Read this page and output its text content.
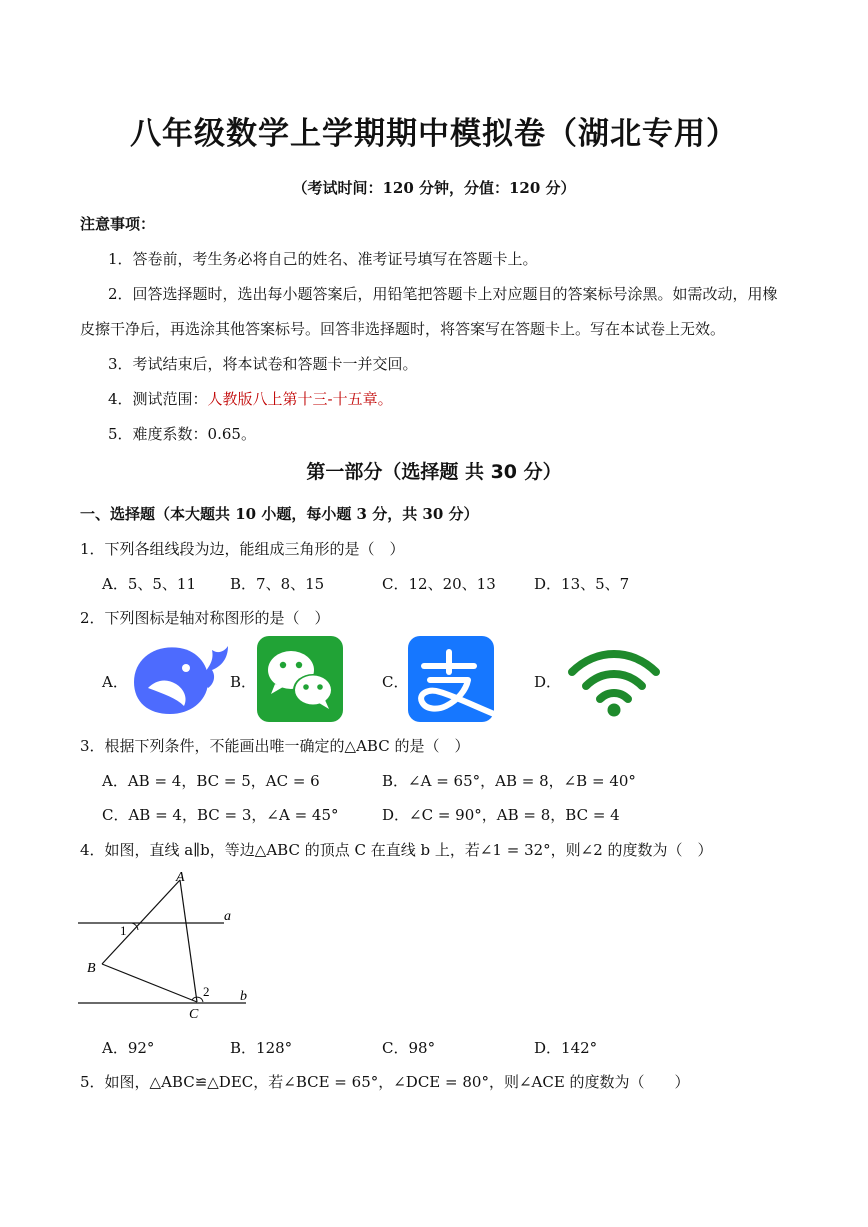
八年级数学上学期期中模拟卷（湖北专用）
（考试时间：120 分钟，分值：120 分）
注意事项：
1．答卷前，考生务必将自己的姓名、准考证号填写在答题卡上。
2．回答选择题时，选出每小题答案后，用铅笔把答题卡上对应题目的答案标号涂黑。如需改动，用橡
皮擦干净后，再选涂其他答案标号。回答非选择题时，将答案写在答题卡上。写在本试卷上无效。
3．考试结束后，将本试卷和答题卡一并交回。
4．测试范围：人教版八上第十三-十五章。
5．难度系数：0.65。
第一部分（选择题 共 30 分）
一、选择题（本大题共 10 小题，每小题 3 分，共 30 分）
1．下列各组线段为边，能组成三角形的是（　）
A．5、5、11 B．7、8、15	C．12、20、13	D．13、5、7
2．下列图标是轴对称图形的是（　）
A．	B．	C．	D．
3．根据下列条件，不能画出唯一确定的△ABC 的是（　）
A．AB = 4，BC = 5，AC = 6	B．∠A = 65°，AB = 8，∠B = 40°
C．AB = 4，BC = 3，∠A = 45°	D．∠C = 90°，AB = 8，BC = 4
4．如图，直线 a∥b，等边△ABC 的顶点 C 在直线 b 上，若∠1 = 32°，则∠2 的度数为（　）
A
B
C
a
b
1
2
A．92°	B．128°	C．98°	D．142°
5．如图，△ABC≌△DEC，若∠BCE = 65°，∠DCE = 80°，则∠ACE 的度数为（　　）
